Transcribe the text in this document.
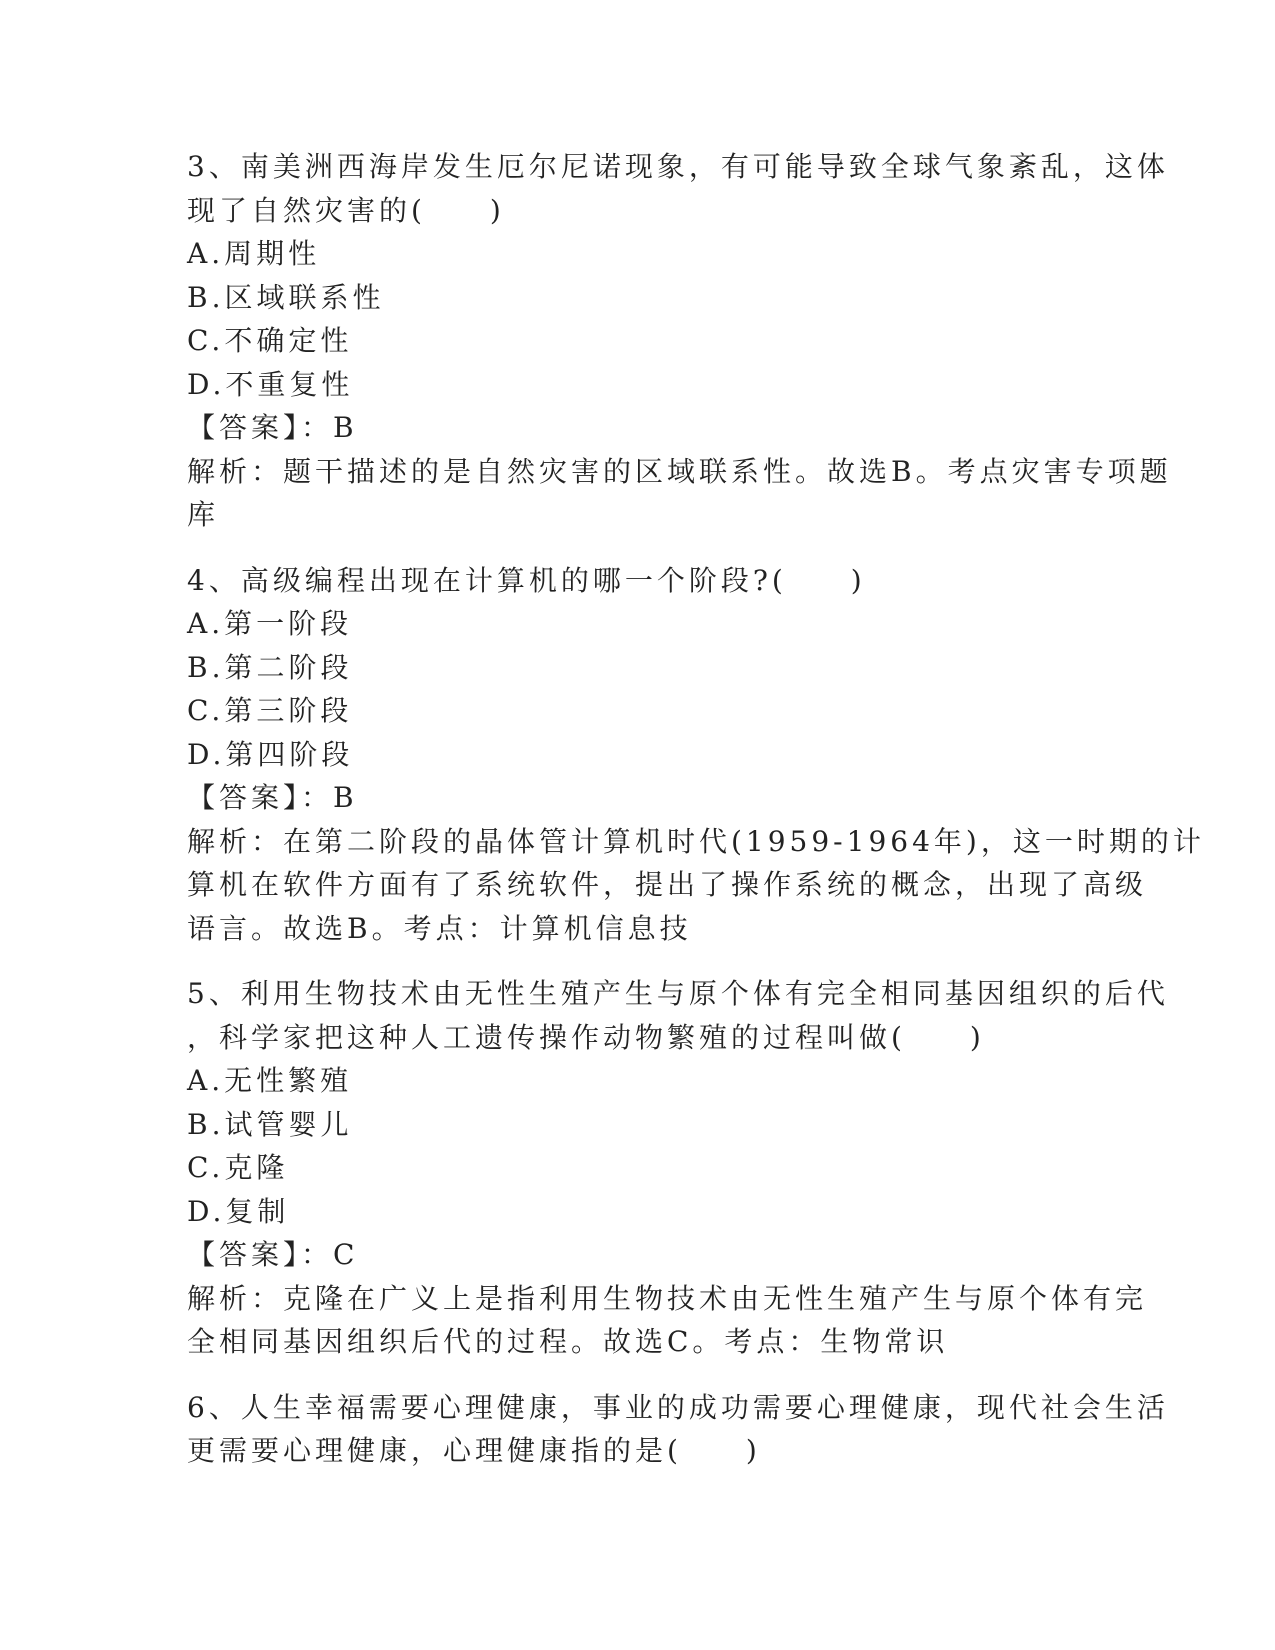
3、南美洲西海岸发生厄尔尼诺现象，有可能导致全球气象紊乱，这体
现了自然灾害的(　　)
A.周期性
B.区域联系性
C.不确定性
D.不重复性
【答案】：B
解析：题干描述的是自然灾害的区域联系性。故选B。考点灾害专项题
库
4、高级编程出现在计算机的哪一个阶段?(　　)
A.第一阶段
B.第二阶段
C.第三阶段
D.第四阶段
【答案】：B
解析：在第二阶段的晶体管计算机时代(1959-1964年)，这一时期的计
算机在软件方面有了系统软件，提出了操作系统的概念，出现了高级
语言。故选B。考点：计算机信息技
5、利用生物技术由无性生殖产生与原个体有完全相同基因组织的后代
，科学家把这种人工遗传操作动物繁殖的过程叫做(　　)
A.无性繁殖
B.试管婴儿
C.克隆
D.复制
【答案】：C
解析：克隆在广义上是指利用生物技术由无性生殖产生与原个体有完
全相同基因组织后代的过程。故选C。考点：生物常识
6、人生幸福需要心理健康，事业的成功需要心理健康，现代社会生活
更需要心理健康，心理健康指的是(　　)
